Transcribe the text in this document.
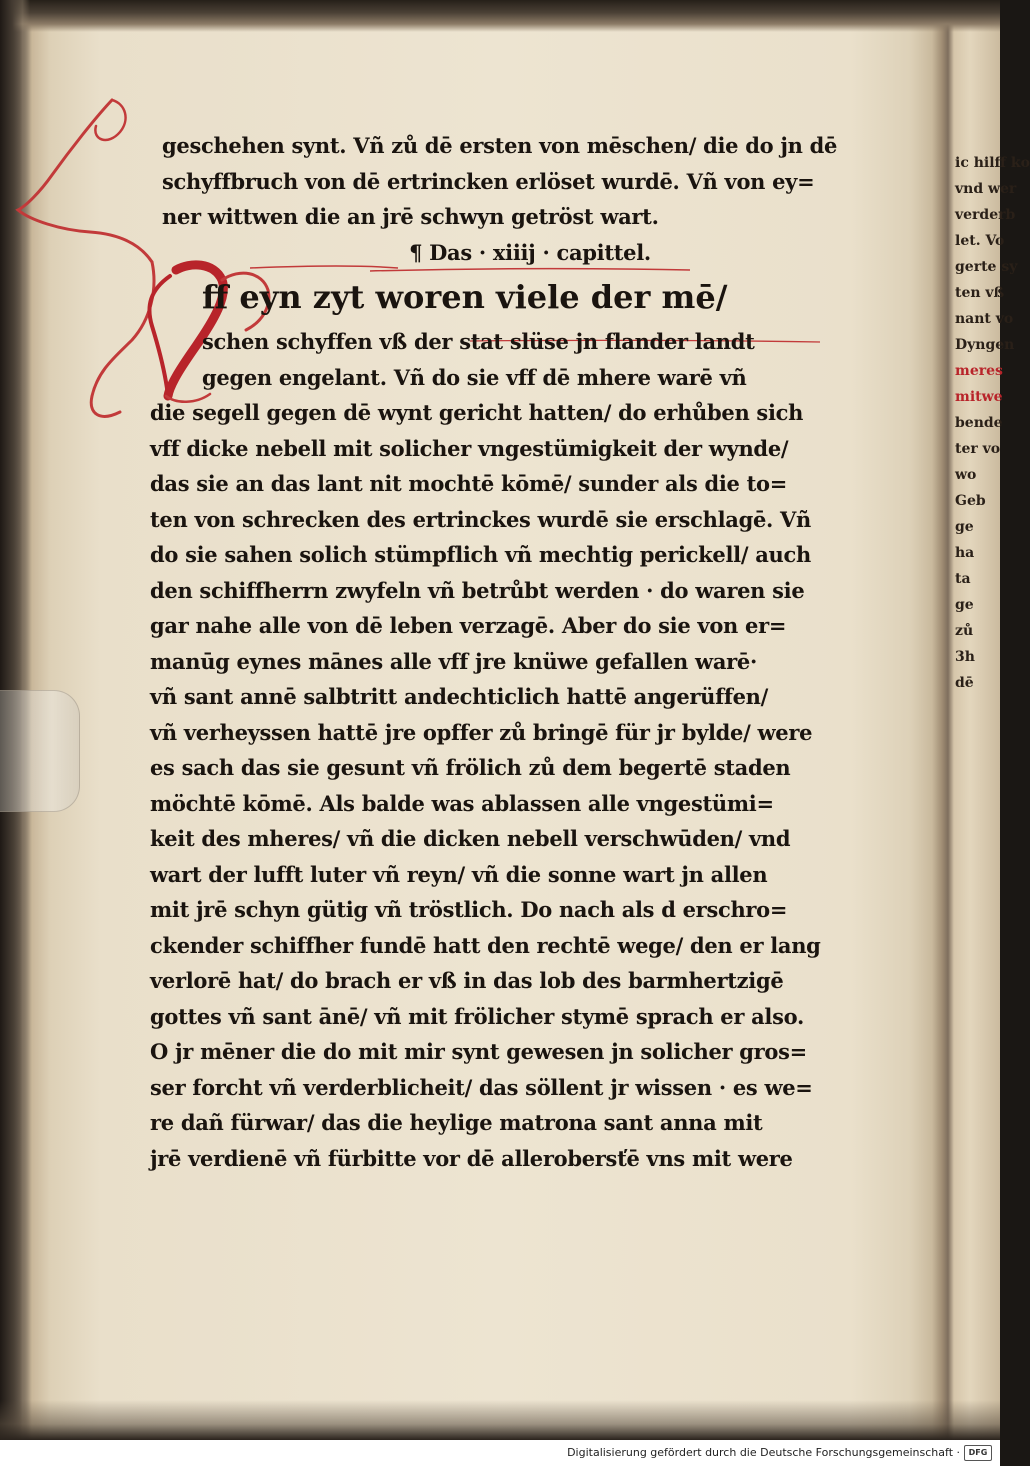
geschehen synt. Vñ zů dē ersten von mēschen/ die do jn dē
schyffbruch von dē ertrincken erlöset wurdē. Vñ von ey=
ner wittwen die an jrē schwyn getröst wart.
¶ Das · xiiij · capittel.
ff eyn zyt woren viele der mē/
schen schyffen vß der stat slüse jn flander landt
gegen engelant. Vñ do sie vff dē mhere warē vñ
die segell gegen dē wynt gericht hatten/ do erhůben sich
vff dicke nebell mit solicher vngestümigkeit der wynde/
das sie an das lant nit mochtē kōmē/ sunder als die to=
ten von schrecken des ertrinckes wurdē sie erschlagē. Vñ
do sie sahen solich stümpflich vñ mechtig perickell/ auch
den schiffherrn zwyfeln vñ betrůbt werden · do waren sie
gar nahe alle von dē leben verzagē. Aber do sie von er=
manūg eynes mānes alle vff jre knüwe gefallen warē·
vñ sant annē salbtritt andechticlich hattē angerüffen/
vñ verheyssen hattē jre opffer zů bringē für jr bylde/ were
es sach das sie gesunt vñ frölich zů dem begertē staden
möchtē kōmē. Als balde was ablassen alle vngestümi=
keit des mheres/ vñ die dicken nebell verschwūden/ vnd
wart der lufft luter vñ reyn/ vñ die sonne wart jn allen
mit jrē schyn gütig vñ tröstlich. Do nach als d erschro=
ckender schiffher fundē hatt den rechtē wege/ den er lang
verlorē hat/ do brach er vß in das lob des barmhertzigē
gottes vñ sant ānē/ vñ mit frölicher stymē sprach er also.
O jr mēner die do mit mir synt gewesen jn solicher gros=
ser forcht vñ verderblicheit/ das söllent jr wissen · es we=
re dañ fürwar/ das die heylige matrona sant anna mit
jrē verdienē vñ fürbitte vor dē allerobersťē vns mit were
ic hilff ko
vnd wer
verderb
let. Vo
gerte sy
ten vß
nant vo
Dyngen
meres
mitwe
bende
ter vo
wo
Geb
ge
ha
ta
ge
zů
3h
dē
Digitalisierung gefördert durch die Deutsche Forschungsgemeinschaft ·	DFG
